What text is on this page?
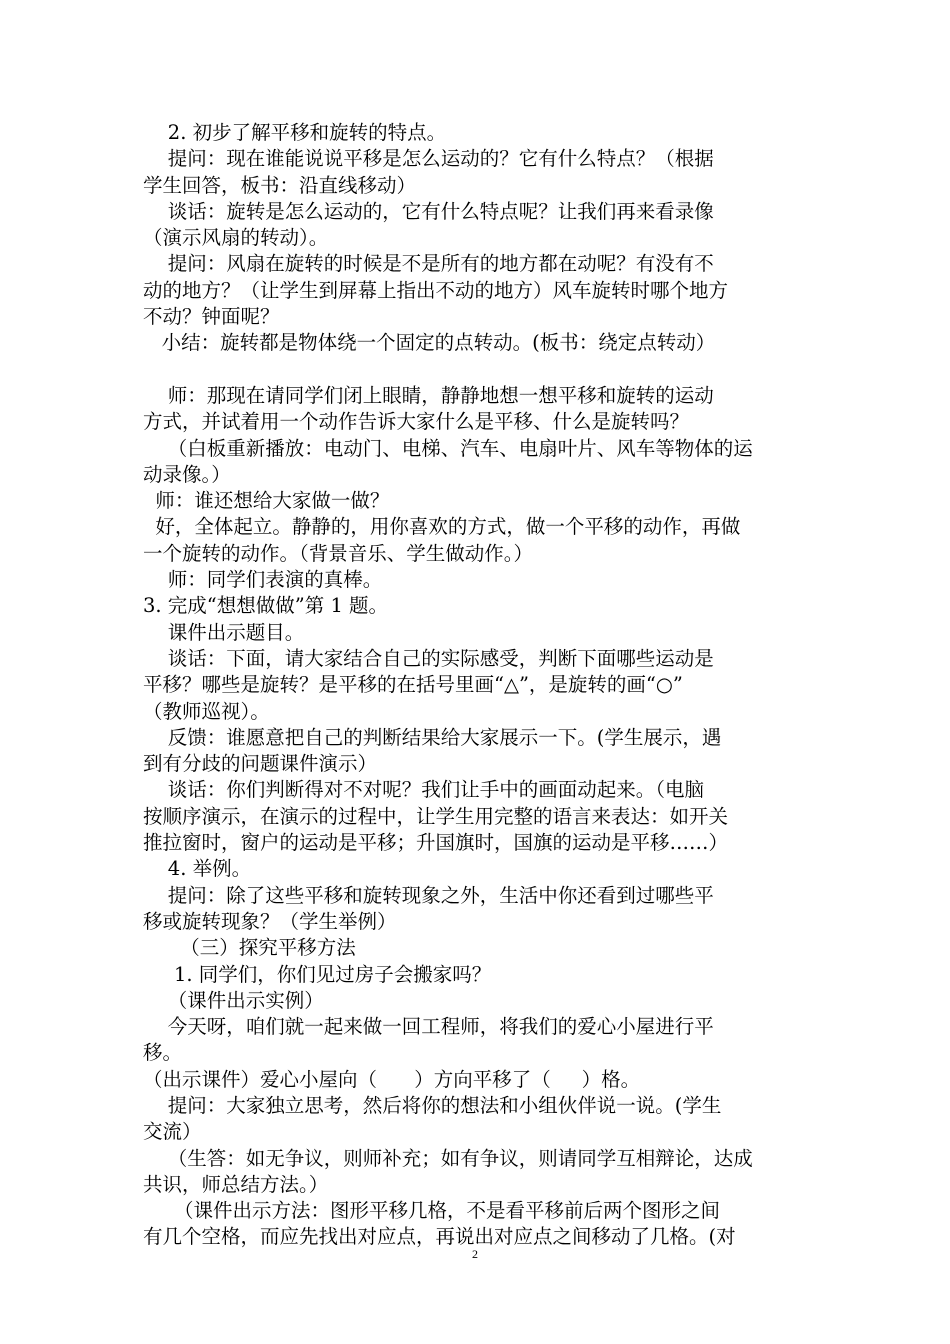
2. 初步了解平移和旋转的特点。
提问：现在谁能说说平移是怎么运动的？它有什么特点？（根据
学生回答，板书：沿直线移动）
谈话：旋转是怎么运动的，它有什么特点呢？让我们再来看录像
（演示风扇的转动）。
提问：风扇在旋转的时候是不是所有的地方都在动呢？有没有不
动的地方？（让学生到屏幕上指出不动的地方）风车旋转时哪个地方
不动？钟面呢？
小结：旋转都是物体绕一个固定的点转动。(板书：绕定点转动）
师：那现在请同学们闭上眼睛，静静地想一想平移和旋转的运动
方式，并试着用一个动作告诉大家什么是平移、什么是旋转吗？
（白板重新播放：电动门、电梯、汽车、电扇叶片、风车等物体的运
动录像。）
师：谁还想给大家做一做？
好，全体起立。静静的，用你喜欢的方式，做一个平移的动作，再做
一个旋转的动作。（背景音乐、学生做动作。）
师：同学们表演的真棒。
3. 完成“想想做做”第 1 题。
课件出示题目。
谈话：下面，请大家结合自己的实际感受，判断下面哪些运动是
平移？哪些是旋转？是平移的在括号里画“△”，是旋转的画“○”
（教师巡视）。
反馈：谁愿意把自己的判断结果给大家展示一下。(学生展示，遇
到有分歧的问题课件演示）
谈话：你们判断得对不对呢？我们让手中的画面动起来。（电脑
按顺序演示，在演示的过程中，让学生用完整的语言来表达：如开关
推拉窗时，窗户的运动是平移；升国旗时，国旗的运动是平移……）
4. 举例。
提问：除了这些平移和旋转现象之外，生活中你还看到过哪些平
移或旋转现象？（学生举例）
（三）探究平移方法
1. 同学们，你们见过房子会搬家吗？
（课件出示实例）
今天呀，咱们就一起来做一回工程师，将我们的爱心小屋进行平
移。
（出示课件）爱心小屋向（      ）方向平移了（     ）格。
提问：大家独立思考，然后将你的想法和小组伙伴说一说。(学生
交流）
（生答：如无争议，则师补充；如有争议，则请同学互相辩论，达成
共识，师总结方法。）
（课件出示方法：图形平移几格，不是看平移前后两个图形之间
有几个空格，而应先找出对应点，再说出对应点之间移动了几格。(对
2
